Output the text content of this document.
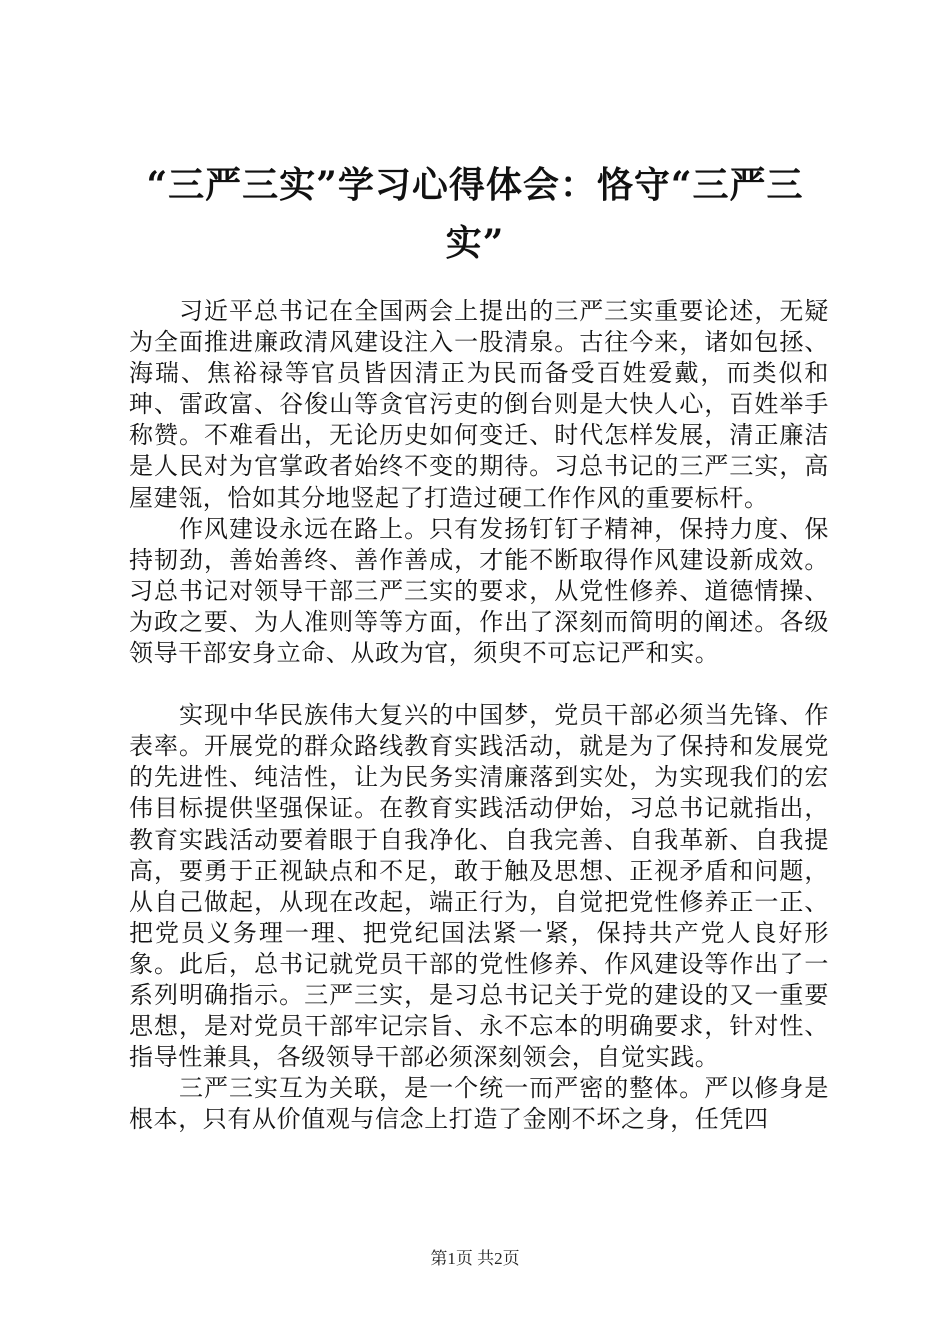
“三严三实”学习心得体会：恪守“三严三实”

习近平总书记在全国两会上提出的三严三实重要论述，无疑为全面推进廉政清风建设注入一股清泉。古往今来，诸如包拯、海瑞、焦裕禄等官员皆因清正为民而备受百姓爱戴，而类似和珅、雷政富、谷俊山等贪官污吏的倒台则是大快人心，百姓举手称赞。不难看出，无论历史如何变迁、时代怎样发展，清正廉洁是人民对为官掌政者始终不变的期待。习总书记的三严三实，高屋建瓴，恰如其分地竖起了打造过硬工作作风的重要标杆。

作风建设永远在路上。只有发扬钉钉子精神，保持力度、保持韧劲，善始善终、善作善成，才能不断取得作风建设新成效。习总书记对领导干部三严三实的要求，从党性修养、道德情操、为政之要、为人准则等等方面，作出了深刻而简明的阐述。各级领导干部安身立命、从政为官，须臾不可忘记严和实。

实现中华民族伟大复兴的中国梦，党员干部必须当先锋、作表率。开展党的群众路线教育实践活动，就是为了保持和发展党的先进性、纯洁性，让为民务实清廉落到实处，为实现我们的宏伟目标提供坚强保证。在教育实践活动伊始，习总书记就指出，教育实践活动要着眼于自我净化、自我完善、自我革新、自我提高，要勇于正视缺点和不足，敢于触及思想、正视矛盾和问题，从自己做起，从现在改起，端正行为，自觉把党性修养正一正、把党员义务理一理、把党纪国法紧一紧，保持共产党人良好形象。此后，总书记就党员干部的党性修养、作风建设等作出了一系列明确指示。三严三实，是习总书记关于党的建设的又一重要思想，是对党员干部牢记宗旨、永不忘本的明确要求，针对性、指导性兼具，各级领导干部必须深刻领会，自觉实践。

三严三实互为关联，是一个统一而严密的整体。严以修身是根本，只有从价值观与信念上打造了金刚不坏之身，任凭四

第1页 共2页
